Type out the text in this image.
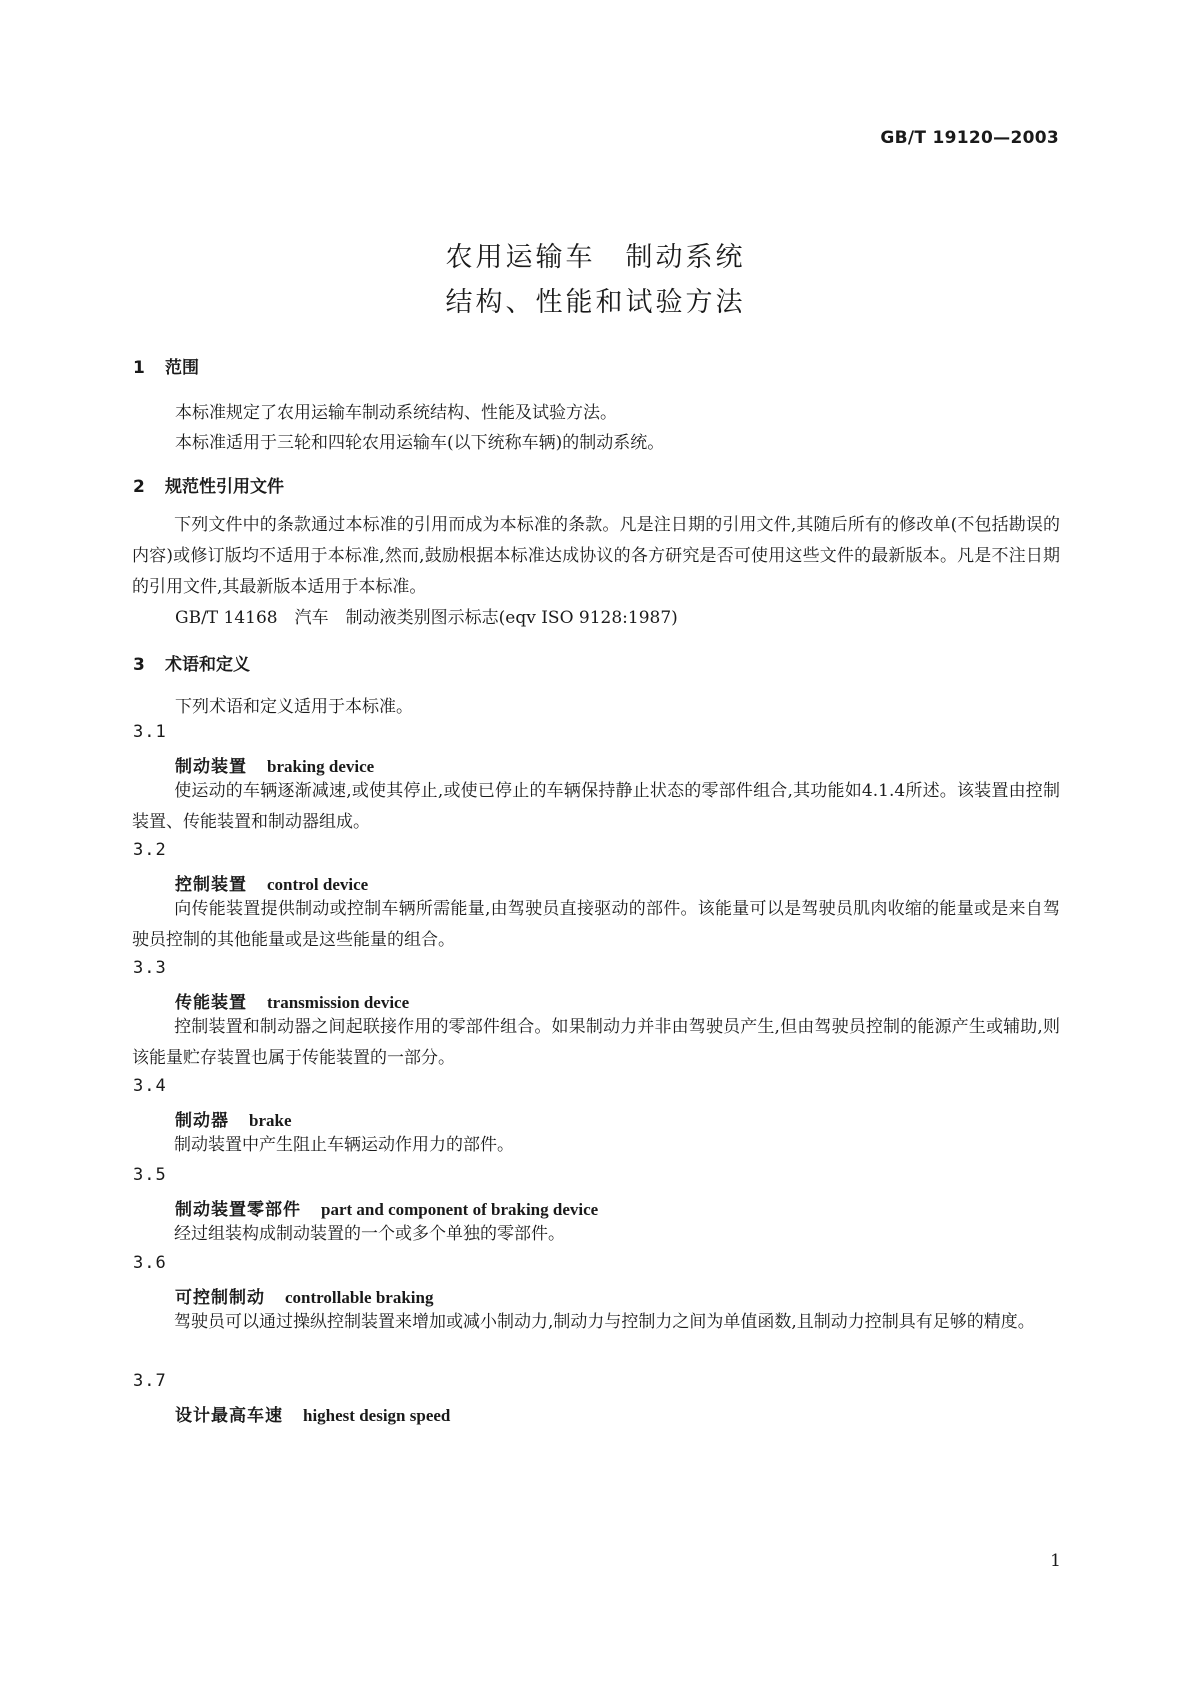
GB/T 19120—2003
农用运输车　制动系统
结构、性能和试验方法
1 范围
本标准规定了农用运输车制动系统结构、性能及试验方法。
本标准适用于三轮和四轮农用运输车(以下统称车辆)的制动系统。
2 规范性引用文件
下列文件中的条款通过本标准的引用而成为本标准的条款。凡是注日期的引用文件,其随后所有的修改单(不包括勘误的内容)或修订版均不适用于本标准,然而,鼓励根据本标准达成协议的各方研究是否可使用这些文件的最新版本。凡是不注日期的引用文件,其最新版本适用于本标准。
GB/T 14168　汽车　制动液类别图示标志(eqv ISO 9128:1987)
3 术语和定义
下列术语和定义适用于本标准。
3.1
制动装置 braking device
使运动的车辆逐渐减速,或使其停止,或使已停止的车辆保持静止状态的零部件组合,其功能如4.1.4所述。该装置由控制装置、传能装置和制动器组成。
3.2
控制装置 control device
向传能装置提供制动或控制车辆所需能量,由驾驶员直接驱动的部件。该能量可以是驾驶员肌肉收缩的能量或是来自驾驶员控制的其他能量或是这些能量的组合。
3.3
传能装置 transmission device
控制装置和制动器之间起联接作用的零部件组合。如果制动力并非由驾驶员产生,但由驾驶员控制的能源产生或辅助,则该能量贮存装置也属于传能装置的一部分。
3.4
制动器 brake
制动装置中产生阻止车辆运动作用力的部件。
3.5
制动装置零部件 part and component of braking device
经过组装构成制动装置的一个或多个单独的零部件。
3.6
可控制制动 controllable braking
驾驶员可以通过操纵控制装置来增加或减小制动力,制动力与控制力之间为单值函数,且制动力控制具有足够的精度。
3.7
设计最高车速 highest design speed
1
